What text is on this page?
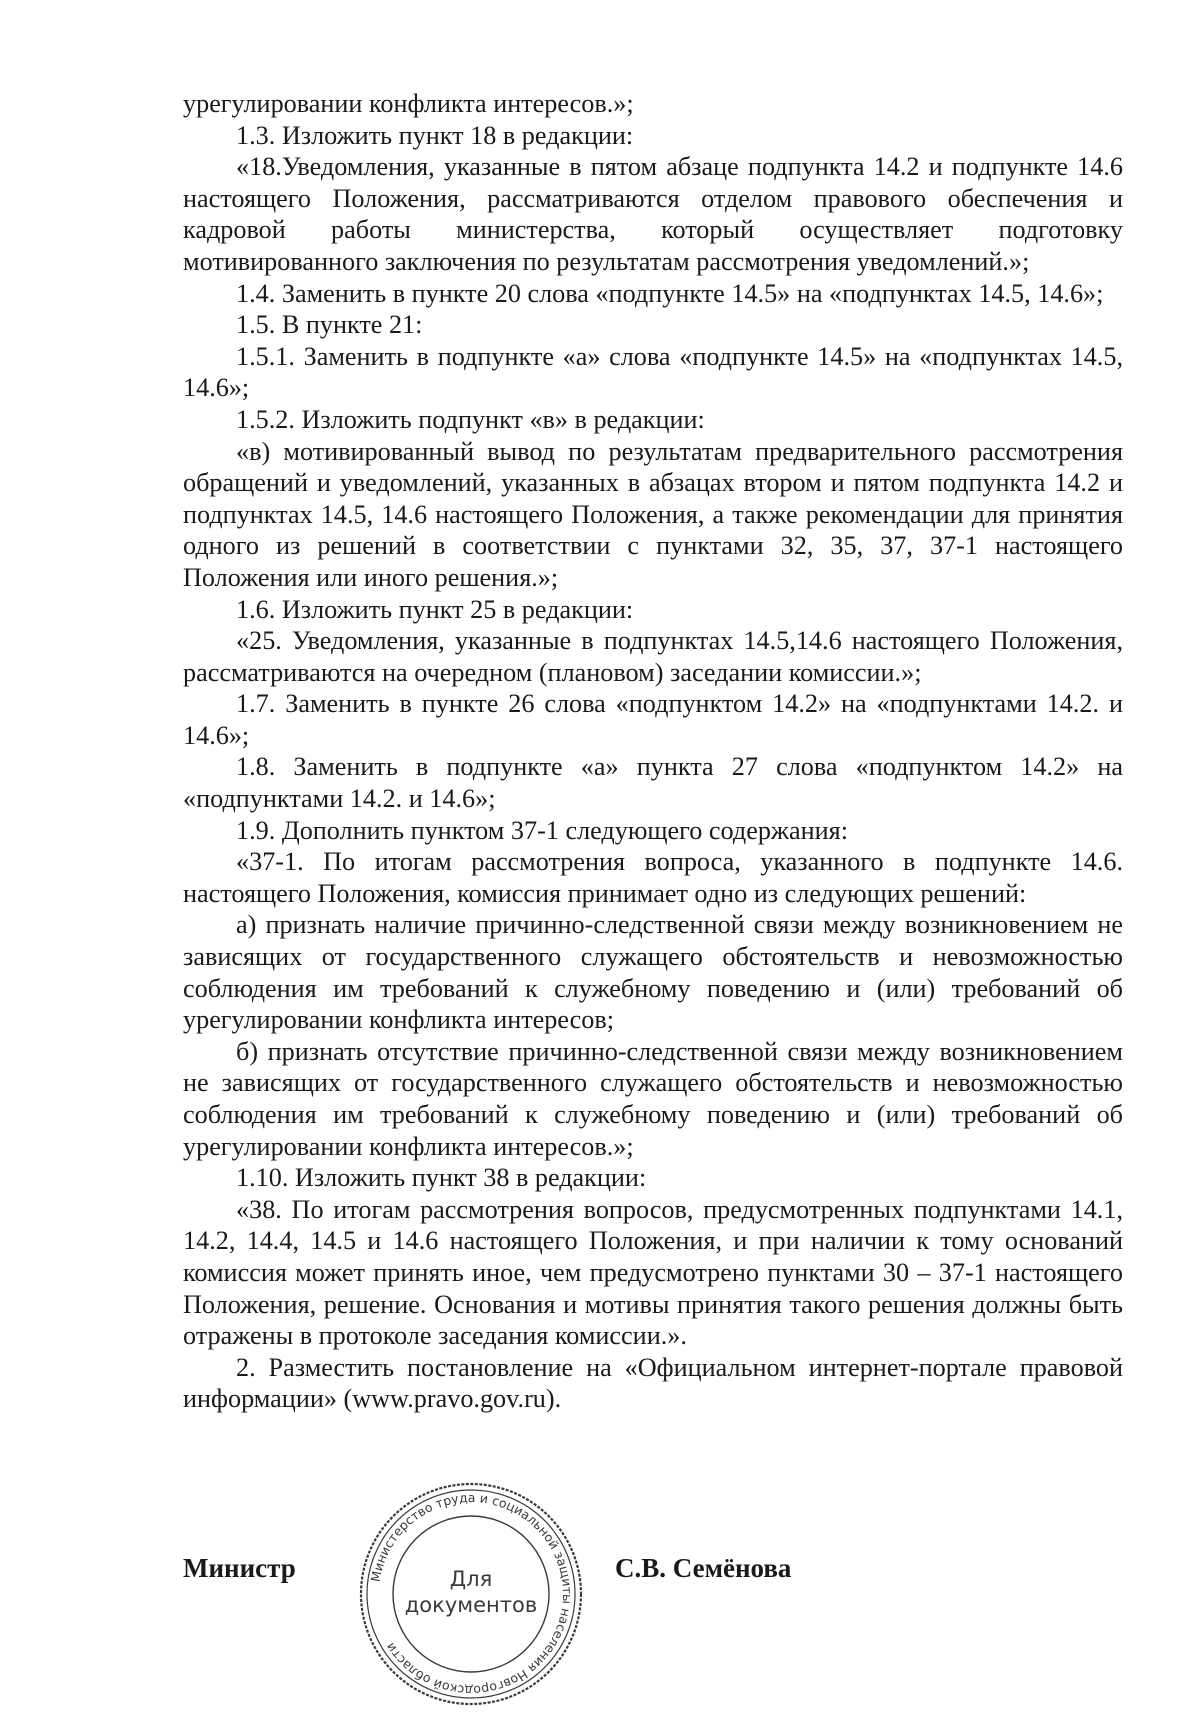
урегулировании конфликта интересов.»;

1.3. Изложить пункт 18 в редакции:

«18.Уведомления, указанные в пятом абзаце подпункта 14.2 и подпункте 14.6 настоящего Положения, рассматриваются отделом правового обеспечения и кадровой работы министерства, который осуществляет подготовку мотивированного заключения по результатам рассмотрения уведомлений.»;

1.4. Заменить в пункте 20 слова «подпункте 14.5» на «подпунктах 14.5, 14.6»;

1.5. В пункте 21:

1.5.1. Заменить в подпункте «а» слова «подпункте 14.5» на «подпунктах 14.5, 14.6»;

1.5.2. Изложить подпункт «в» в редакции:

«в) мотивированный вывод по результатам предварительного рассмотрения обращений и уведомлений, указанных в абзацах втором и пятом подпункта 14.2 и подпунктах 14.5, 14.6 настоящего Положения, а также рекомендации для принятия одного из решений в соответствии с пунктами 32, 35, 37, 37-1 настоящего Положения или иного решения.»;

1.6. Изложить пункт 25 в редакции:

«25. Уведомления, указанные в подпунктах 14.5,14.6 настоящего Положения, рассматриваются на очередном (плановом) заседании комиссии.»;

1.7. Заменить в пункте 26 слова «подпунктом 14.2» на «подпунктами 14.2. и 14.6»;

1.8. Заменить в подпункте «а» пункта 27 слова «подпунктом 14.2» на «подпунктами 14.2. и 14.6»;

1.9. Дополнить пунктом 37-1 следующего содержания:

«37-1. По итогам рассмотрения вопроса, указанного в подпункте 14.6. настоящего Положения, комиссия принимает одно из следующих решений:

а) признать наличие причинно-следственной связи между возникновением не зависящих от государственного служащего обстоятельств и невозможностью соблюдения им требований к служебному поведению и (или) требований об урегулировании конфликта интересов;

б) признать отсутствие причинно-следственной связи между возникновением не зависящих от государственного служащего обстоятельств и невозможностью соблюдения им требований к служебному поведению и (или) требований об урегулировании конфликта интересов.»;

1.10. Изложить пункт 38 в редакции:

«38. По итогам рассмотрения вопросов, предусмотренных подпунктами 14.1, 14.2, 14.4, 14.5 и 14.6 настоящего Положения, и при наличии к тому оснований комиссия может принять иное, чем предусмотрено пунктами 30 – 37-1 настоящего Положения, решение. Основания и мотивы принятия такого решения должны быть отражены в протоколе заседания комиссии.».

2. Разместить постановление на «Официальном интернет-портале правовой информации» (www.pravo.gov.ru).

Министр	С.В. Семёнова
Министерство труда и социальной защиты населения Новгородской области
Для
документов
